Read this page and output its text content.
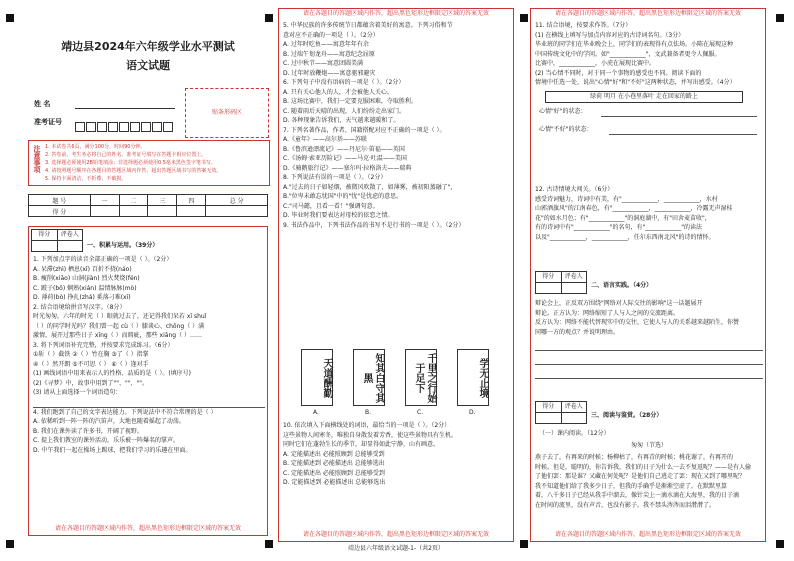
靖边县2024年六年级学业水平测试
语文试题
姓 名
准考证号
贴条形码区
注意事项 1. 本试卷共6页，满分100分，时间90分钟。
2. 答卷前，考生务必将自己的姓名、准考证号填写在答题卡相应位置上。
3. 选择题必须使用2B铅笔填涂；非选择题必须使用0.5毫米黑色签字笔书写。
4. 请按照题号顺序在各题目的答题区域内作答，超出答题区域书写的答案无效。
5. 保持卡面清洁，不折叠、不破损。
题 号	一	二	三	四	总 分
得 分					
得分	评卷人
一、积累与运用。（39分）
1. 下列加点字的读音全部正确的一项是（ ）。（2分）
A. 呆滞(zhì) 栖息(xī) 百折不挠(náo)
B. 瘦削(xiāo) 山洞(jiàn) 烈火焚烧(fén)
C. 跛子(bǒ) 娴熟(xián) 温情脉脉(mò)
D. 薄荷(bò) 挣扎(zhá) 奚落刁难(xī)
2. 结合语境给拼音写汉字。（8分）
时光匆匆，六年的时光（ ）眼就过去了，还记得我们呆若 xī shuǐ
（ ）的同学时光吗？我们曾一起 cù（ ）膝谈心、chōng（ ）满
激情，展开过那些日子 xīng（ ）而瑕疵，那些 xiāng（ ）……
3. 将下列词语补充完整，并按要求完成练习。（6分）
①斩（ ）截铁 ②（ ）竹在胸 ③了（ ）指掌
④（ ）然开朗 ⑤不可思（ ） ⑥（ ）逢对手
(1) 画线词语中用来表示人的性格、品质的是（ ）。(填序号)
(2)《寻梦》中，故事中用到了""、""、""。
(3) 请从上面选择一个词语造句：
4. 我们跑到了自己的文字表达能力。下列说法中不符合常理的是（ ）
A. 依稀听到一阵一阵的汽笛声，大地也随着摇起了动荡。
B. 我们在课外读了许多书，开阔了视野。
C. 提上我们教室的课外活动，乐乐被一阵爆名的掌声。
D. 中午我们一起在操场上踢球，把我们学习的乐趣在里面。
请在各题目的答题区域内作答，超出黑色矩形边框限定区域的答案无效
请在各题目的答题区域内作答，超出黑色矩形边框限定区域的答案无效
5. 中华民族的许多传统节日都蕴含着美好的寓意。下列习俗和节
意对应不正确的一项是（ ）。（2分）
A. 过年时吃鱼——寓意年年有余
B. 过端午划龙舟——寓意纪念屈原
C. 过中秋节——寓意团圆美满
D. 过年时放鞭炮——寓意驱邪避灾
6. 下列句子中没有语病的一项是（ ）。（2分）
A. 只有关心他人的人，才会被他人关心。
B. 这场比赛中，我们一定要克服困难，夺取胜利。
C. 随着雨后天晴的出现，人们纷纷走出家门。
D. 各种现象告诉我们，天气越来越暖和了。
7. 下列名著作品，作者、国籍搭配对应不正确的一项是（ ）。
A.《童年》——高尔基——苏联
B.《鲁滨逊漂流记》——丹尼尔·笛福——英国
C.《汤姆·索亚历险记》——马克·吐温——美国
D.《骑鹅旅行记》——塞尔玛·拉格洛夫——瑞典
8. 下列说法有误的一项是（ ）。（2分）
A."过去的日子如轻烟，被微风吹散了，如薄雾，被初阳蒸融了"，
B."位卑未敢忘忧国"中的"忧"是忧虑的意思。
C."司马懿，且看一看！"强调句意。
D. 毕业时我们要表达对母校的依恋之情。
9. 书法作品中，下列书法作品的书写不是行书的一项是（ ）。（2分）
天道酬勤	知其白守其黑	千里之行始于足下	学无止境
A.	B.	C.	D.
10. 依次填入下面横线处的词语，最恰当的一项是（ ）。（2分）
这些景物人间寒冬，唯独自身散发着芳香，使这些景物具有生机。
同时它们在蓬勃生长的季节，却显得如此宁静，山有画意。
A. 定能描述出 必能照顾到 总能够受到
B. 定能描述到 必能描述出 总能够选出
C. 定能描述出 必能照顾到 总能够受到
D. 定能描述到 必能描述出 总能够选出
请在各题目的答题区域内作答，超出黑色矩形边框限定区域的答案无效
靖边县六年级语文试题-1-（共2页）
请在各题目的答题区域内作答，超出黑色矩形边框限定区域的答案无效
11. 结合语境，按要求作答。（7分）
(1) 在横线上填写与加点内容对应的古诗词名句。（3分）
毕业班的同学们在毕业晚会上，同学们的表现得有点怯场。小陈在展现这种
中国传统文化中的学问。如"____________"，文武兼备者更令人佩服。
比赛中，____________，小虎在展现比赛中。
(2) 当心情不同时，对于同一个事物的感受也不同。阅读下面的
情境中任选一处，说出"心情"好"和"不好"这两种状态，并写出感受。（4分）
绿荷 明月 在小巷里落叶 走在回家的路上
心情"好"的状态：
心情"不好"的状态：
12. 古诗情境大闯关。（6分）
感受诗词魅力，诗词中有美，有"____________，____________，水村
山郭酒旗风"的江南春色，有"____________，____________，冷露无声湿桂
花"的如水月色；有"____________"的洞庭湖中，有"田舍麦苗收"，
有的诗词中有"____________"的名句，有"____________"的读法
以及"____________，____________，任尔东西南北风"的诗的情怀。
得分	评卷人
二、语言实践。（4分）
辩论会上，正反双方围绕"网络对人际交往的影响"这一话题展开
辩论。正方认为：网络缩短了人与人之间的交流距离。
反方认为：网络不能代替现实中的交往，它使人与人的关系越来越陌生，你赞
同哪一方的观点？并说明理由。
得分	评卷人
三、阅读与鉴赏。（28分）
（一）课内阅读。（12分）
匆匆（节选）
燕子去了，有再来的时候；杨柳枯了，有再青的时候；桃花谢了，有再开的
时候。但是，聪明的，你告诉我，我们的日子为什么一去不复返呢？——是有人偷
了他们罢：那是谁？又藏在何处呢？是他们自己逃走了罢：现在又到了哪里呢？
我不知道他们给了我多少日子，但我的手确乎是渐渐空虚了。在默默里算
着，八千多日子已经从我手中溜去，像针尖上一滴水滴在大海里，我的日子滴
在时间的流里，没有声音，也没有影子。我不禁头涔涔而泪潸潸了。
请在各题目的答题区域内作答，超出黑色矩形边框限定区域的答案无效
